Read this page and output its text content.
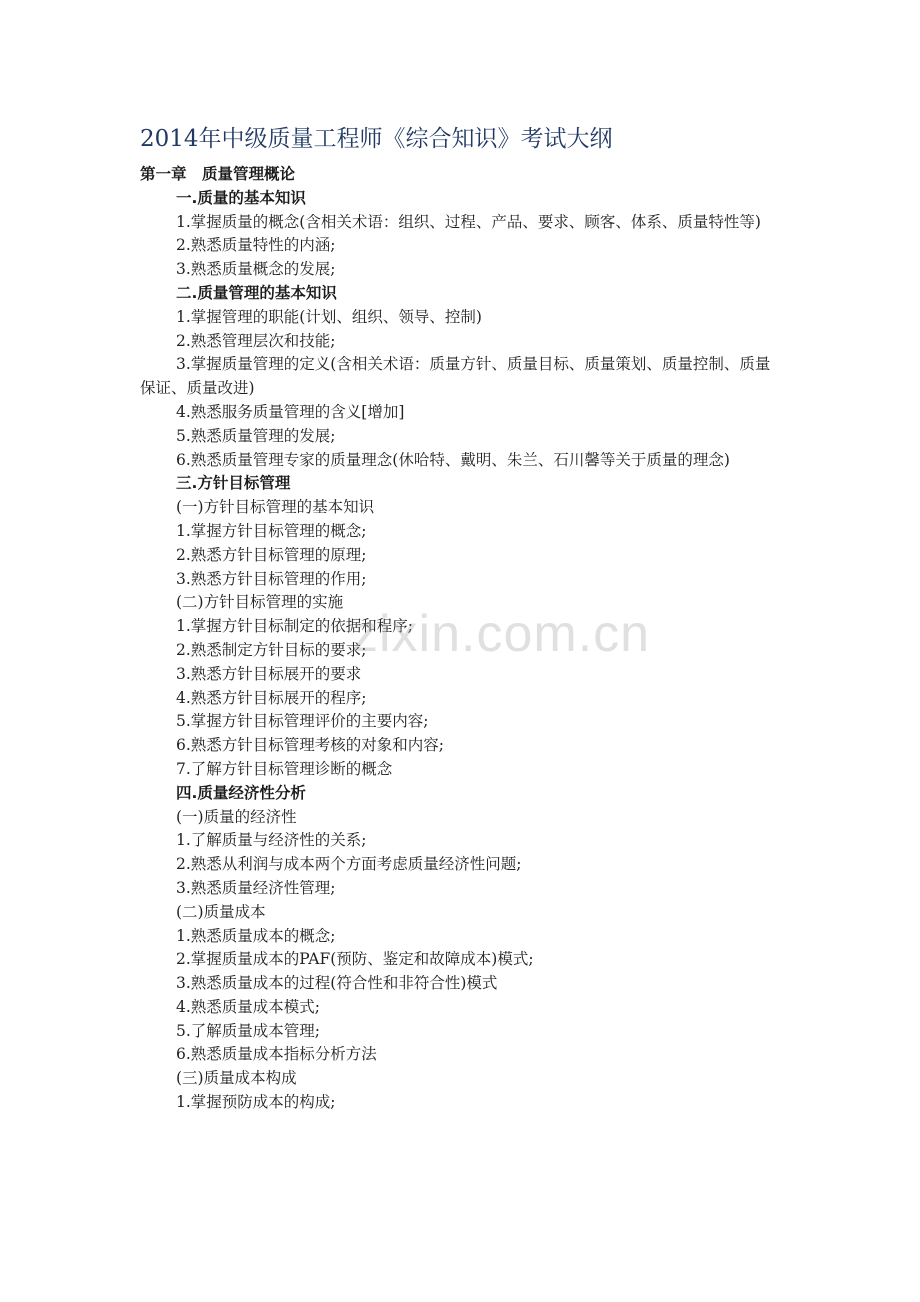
2014年中级质量工程师《综合知识》考试大纲
第一章　质量管理概论
一.质量的基本知识
1.掌握质量的概念(含相关术语：组织、过程、产品、要求、顾客、体系、质量特性等)
2.熟悉质量特性的内涵;
3.熟悉质量概念的发展;
二.质量管理的基本知识
1.掌握管理的职能(计划、组织、领导、控制)
2.熟悉管理层次和技能;
3.掌握质量管理的定义(含相关术语：质量方针、质量目标、质量策划、质量控制、质量保证、质量改进)
4.熟悉服务质量管理的含义[增加]
5.熟悉质量管理的发展;
6.熟悉质量管理专家的质量理念(休哈特、戴明、朱兰、石川馨等关于质量的理念)
三.方针目标管理
(一)方针目标管理的基本知识
1.掌握方针目标管理的概念;
2.熟悉方针目标管理的原理;
3.熟悉方针目标管理的作用;
(二)方针目标管理的实施
1.掌握方针目标制定的依据和程序;
2.熟悉制定方针目标的要求;
3.熟悉方针目标展开的要求
4.熟悉方针目标展开的程序;
5.掌握方针目标管理评价的主要内容;
6.熟悉方针目标管理考核的对象和内容;
7.了解方针目标管理诊断的概念
四.质量经济性分析
(一)质量的经济性
1.了解质量与经济性的关系;
2.熟悉从利润与成本两个方面考虑质量经济性问题;
3.熟悉质量经济性管理;
(二)质量成本
1.熟悉质量成本的概念;
2.掌握质量成本的PAF(预防、鉴定和故障成本)模式;
3.熟悉质量成本的过程(符合性和非符合性)模式
4.熟悉质量成本模式;
5.了解质量成本管理;
6.熟悉质量成本指标分析方法
(三)质量成本构成
1.掌握预防成本的构成;
zixin.com.cn
